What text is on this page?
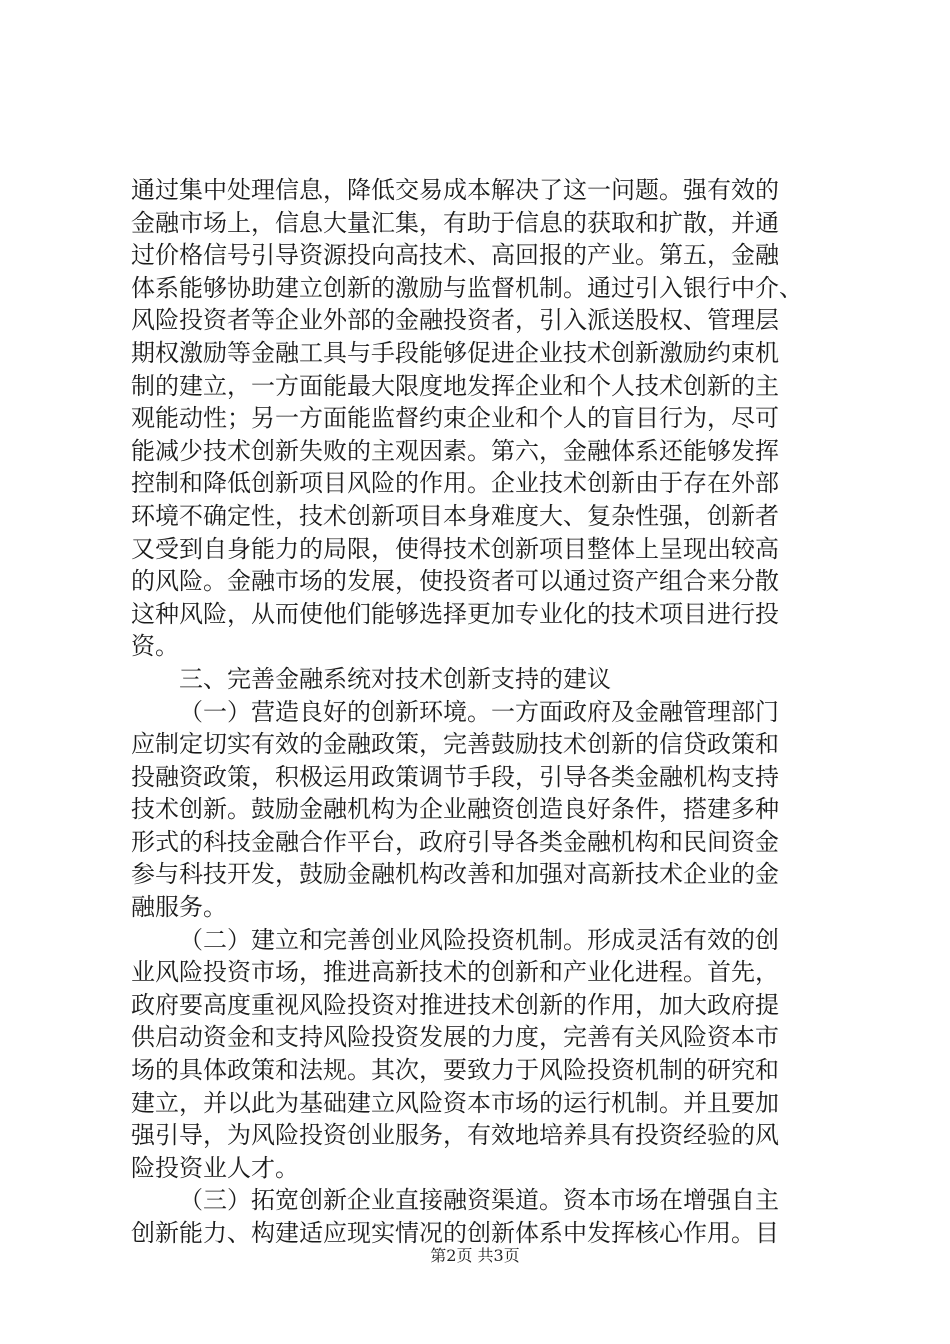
通过集中处理信息，降低交易成本解决了这一问题。强有效的
金融市场上，信息大量汇集，有助于信息的获取和扩散，并通
过价格信号引导资源投向高技术、高回报的产业。第五，金融
体系能够协助建立创新的激励与监督机制。通过引入银行中介、
风险投资者等企业外部的金融投资者，引入派送股权、管理层
期权激励等金融工具与手段能够促进企业技术创新激励约束机
制的建立，一方面能最大限度地发挥企业和个人技术创新的主
观能动性；另一方面能监督约束企业和个人的盲目行为，尽可
能减少技术创新失败的主观因素。第六，金融体系还能够发挥
控制和降低创新项目风险的作用。企业技术创新由于存在外部
环境不确定性，技术创新项目本身难度大、复杂性强，创新者
又受到自身能力的局限，使得技术创新项目整体上呈现出较高
的风险。金融市场的发展，使投资者可以通过资产组合来分散
这种风险，从而使他们能够选择更加专业化的技术项目进行投
资。
三、完善金融系统对技术创新支持的建议
（一）营造良好的创新环境。一方面政府及金融管理部门
应制定切实有效的金融政策，完善鼓励技术创新的信贷政策和
投融资政策，积极运用政策调节手段，引导各类金融机构支持
技术创新。鼓励金融机构为企业融资创造良好条件，搭建多种
形式的科技金融合作平台，政府引导各类金融机构和民间资金
参与科技开发，鼓励金融机构改善和加强对高新技术企业的金
融服务。
（二）建立和完善创业风险投资机制。形成灵活有效的创
业风险投资市场，推进高新技术的创新和产业化进程。首先，
政府要高度重视风险投资对推进技术创新的作用，加大政府提
供启动资金和支持风险投资发展的力度，完善有关风险资本市
场的具体政策和法规。其次，要致力于风险投资机制的研究和
建立，并以此为基础建立风险资本市场的运行机制。并且要加
强引导，为风险投资创业服务，有效地培养具有投资经验的风
险投资业人才。
（三）拓宽创新企业直接融资渠道。资本市场在增强自主
创新能力、构建适应现实情况的创新体系中发挥核心作用。目
第2页 共3页
